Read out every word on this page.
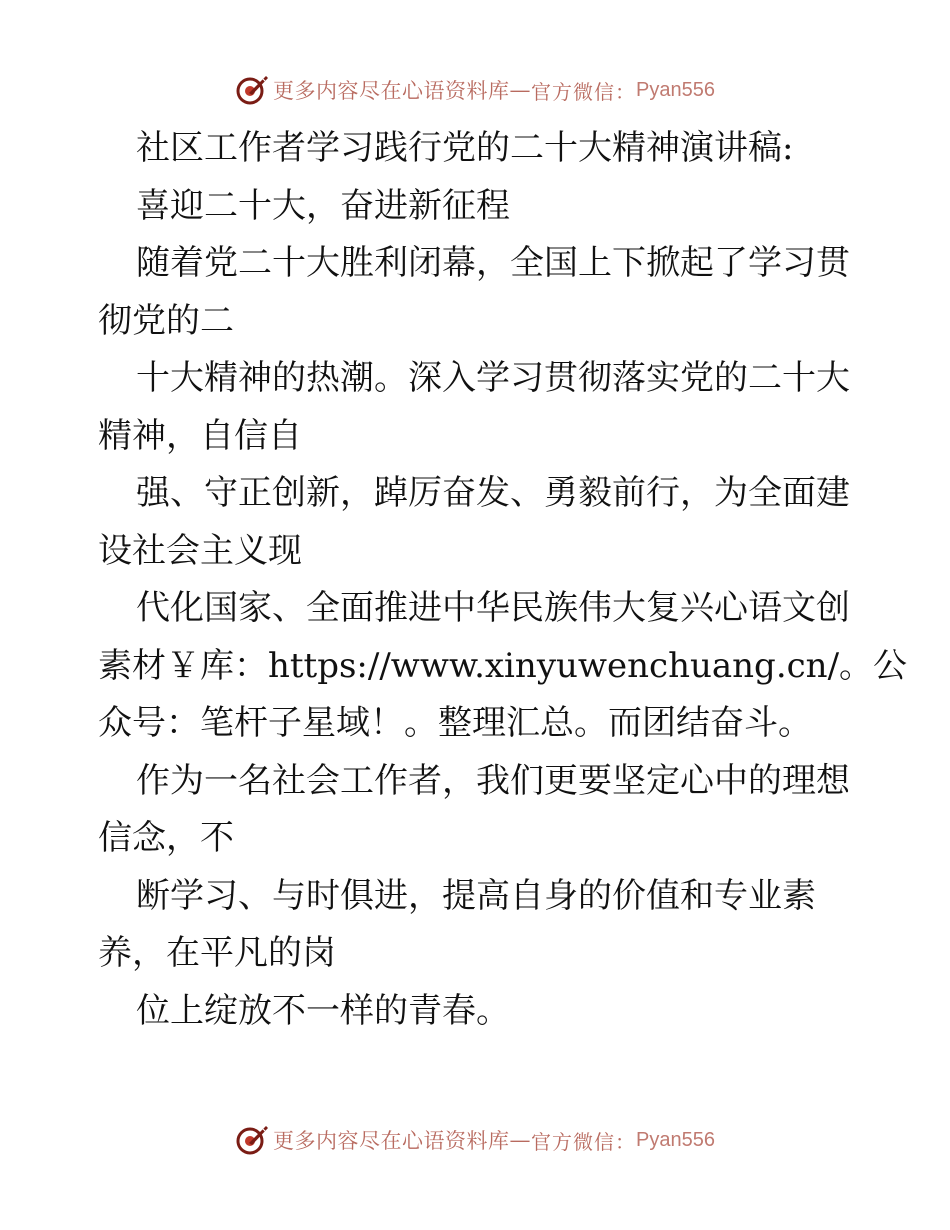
更多内容尽在心语资料库 — 官方微信： Pyan556
社区工作者学习践行党的二十大精神演讲稿:
喜迎二十大，奋进新征程
随着党二十大胜利闭幕，全国上下掀起了学习贯
彻党的二
十大精神的热潮。深入学习贯彻落实党的二十大
精神，自信自
强、守正创新，踔厉奋发、勇毅前行，为全面建
设社会主义现
代化国家、全面推进中华民族伟大复兴心语文创
素材￥库：https://www.xinyuwenchuang.cn/。公
众号：笔杆子星域！。整理汇总。而团结奋斗。
作为一名社会工作者，我们更要坚定心中的理想
信念，不
断学习、与时俱进，提高自身的价值和专业素
养，在平凡的岗
位上绽放不一样的青春。
更多内容尽在心语资料库 — 官方微信： Pyan556
